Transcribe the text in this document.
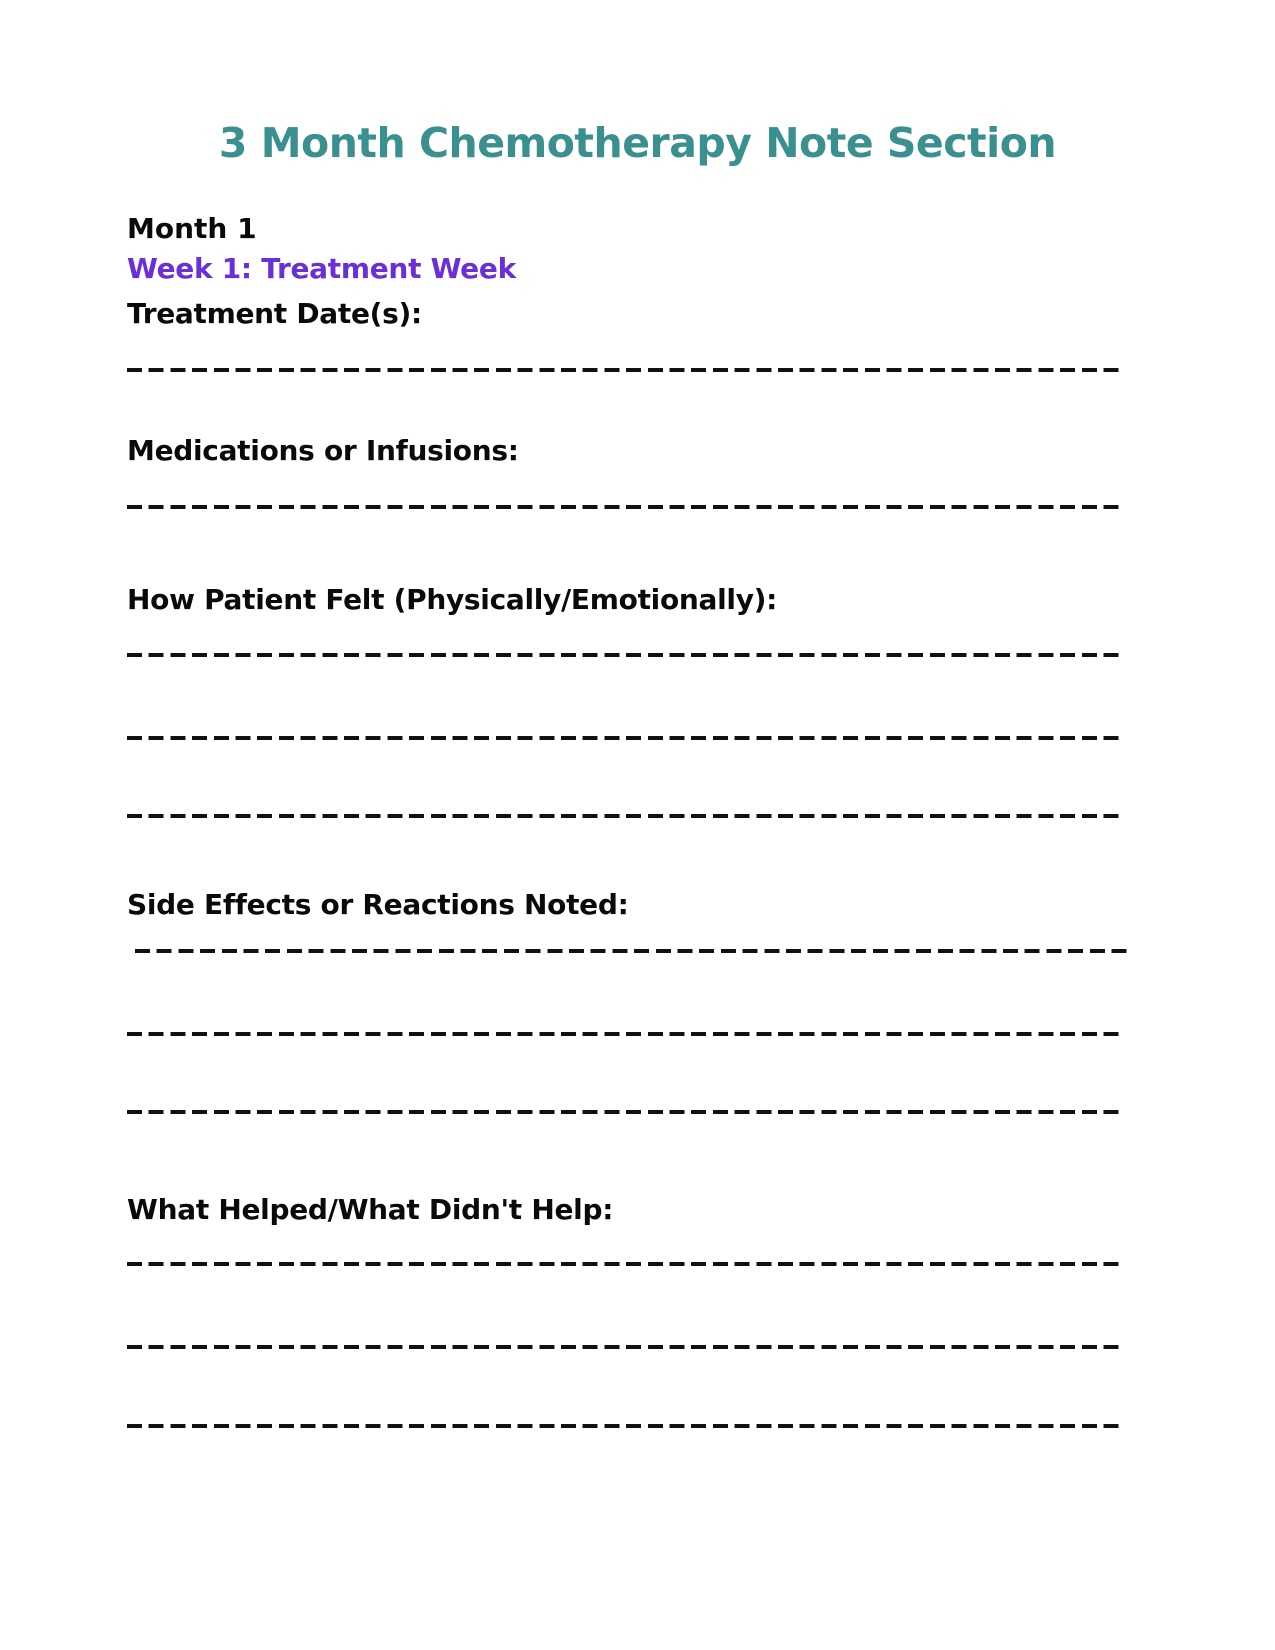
3 Month Chemotherapy Note Section
Month 1
Week 1: Treatment Week
Treatment Date(s):
Medications or Infusions:
How Patient Felt (Physically/Emotionally):
Side Effects or Reactions Noted:
What Helped/What Didn't Help:
